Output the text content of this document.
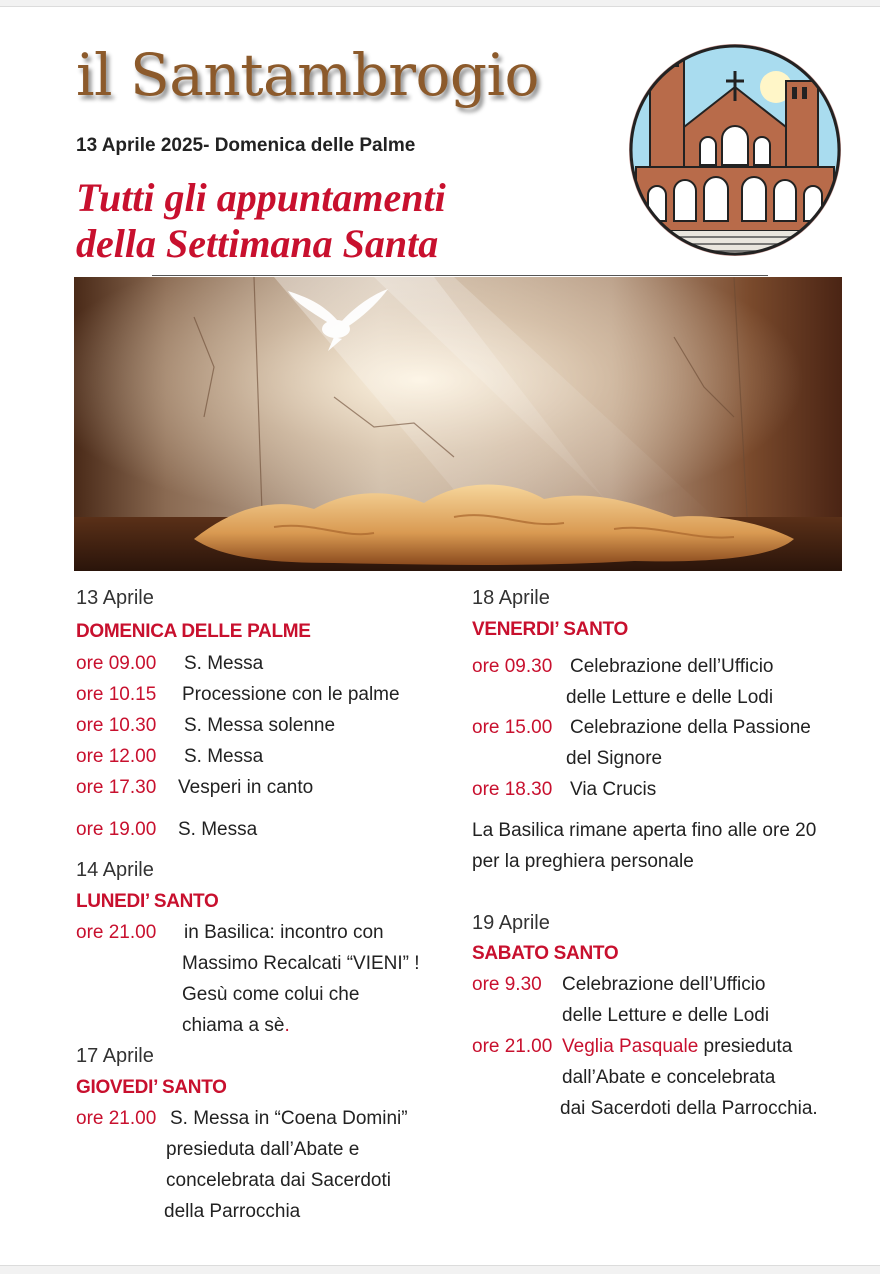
il Santambrogio
13 Aprile 2025- Domenica delle Palme
Tutti gli appuntamenti
della Settimana Santa
13 Aprile
DOMENICA DELLE PALME
ore 09.00 S. Messa
ore 10.15 Processione con le palme
ore 10.30 S. Messa solenne
ore 12.00 S. Messa
ore 17.30 Vesperi in canto
ore 19.00 S. Messa
14 Aprile
LUNEDI’ SANTO
ore 21.00 in Basilica: incontro con
Massimo Recalcati “VIENI” !
Gesù come colui che
chiama a sè.
17 Aprile
GIOVEDI’ SANTO
ore 21.00 S. Messa in “Coena Domini”
presieduta dall’Abate e
concelebrata dai Sacerdoti
della Parrocchia
18 Aprile
VENERDI’ SANTO
ore 09.30 Celebrazione dell’Ufficio
delle Letture e delle Lodi
ore 15.00 Celebrazione della Passione
del Signore
ore 18.30 Via Crucis
La Basilica rimane aperta fino alle ore 20
per la preghiera personale
19 Aprile
SABATO SANTO
ore 9.30 Celebrazione dell’Ufficio
delle Letture e delle Lodi
ore 21.00 Veglia Pasquale presieduta
dall’Abate e concelebrata
dai Sacerdoti della Parrocchia.
